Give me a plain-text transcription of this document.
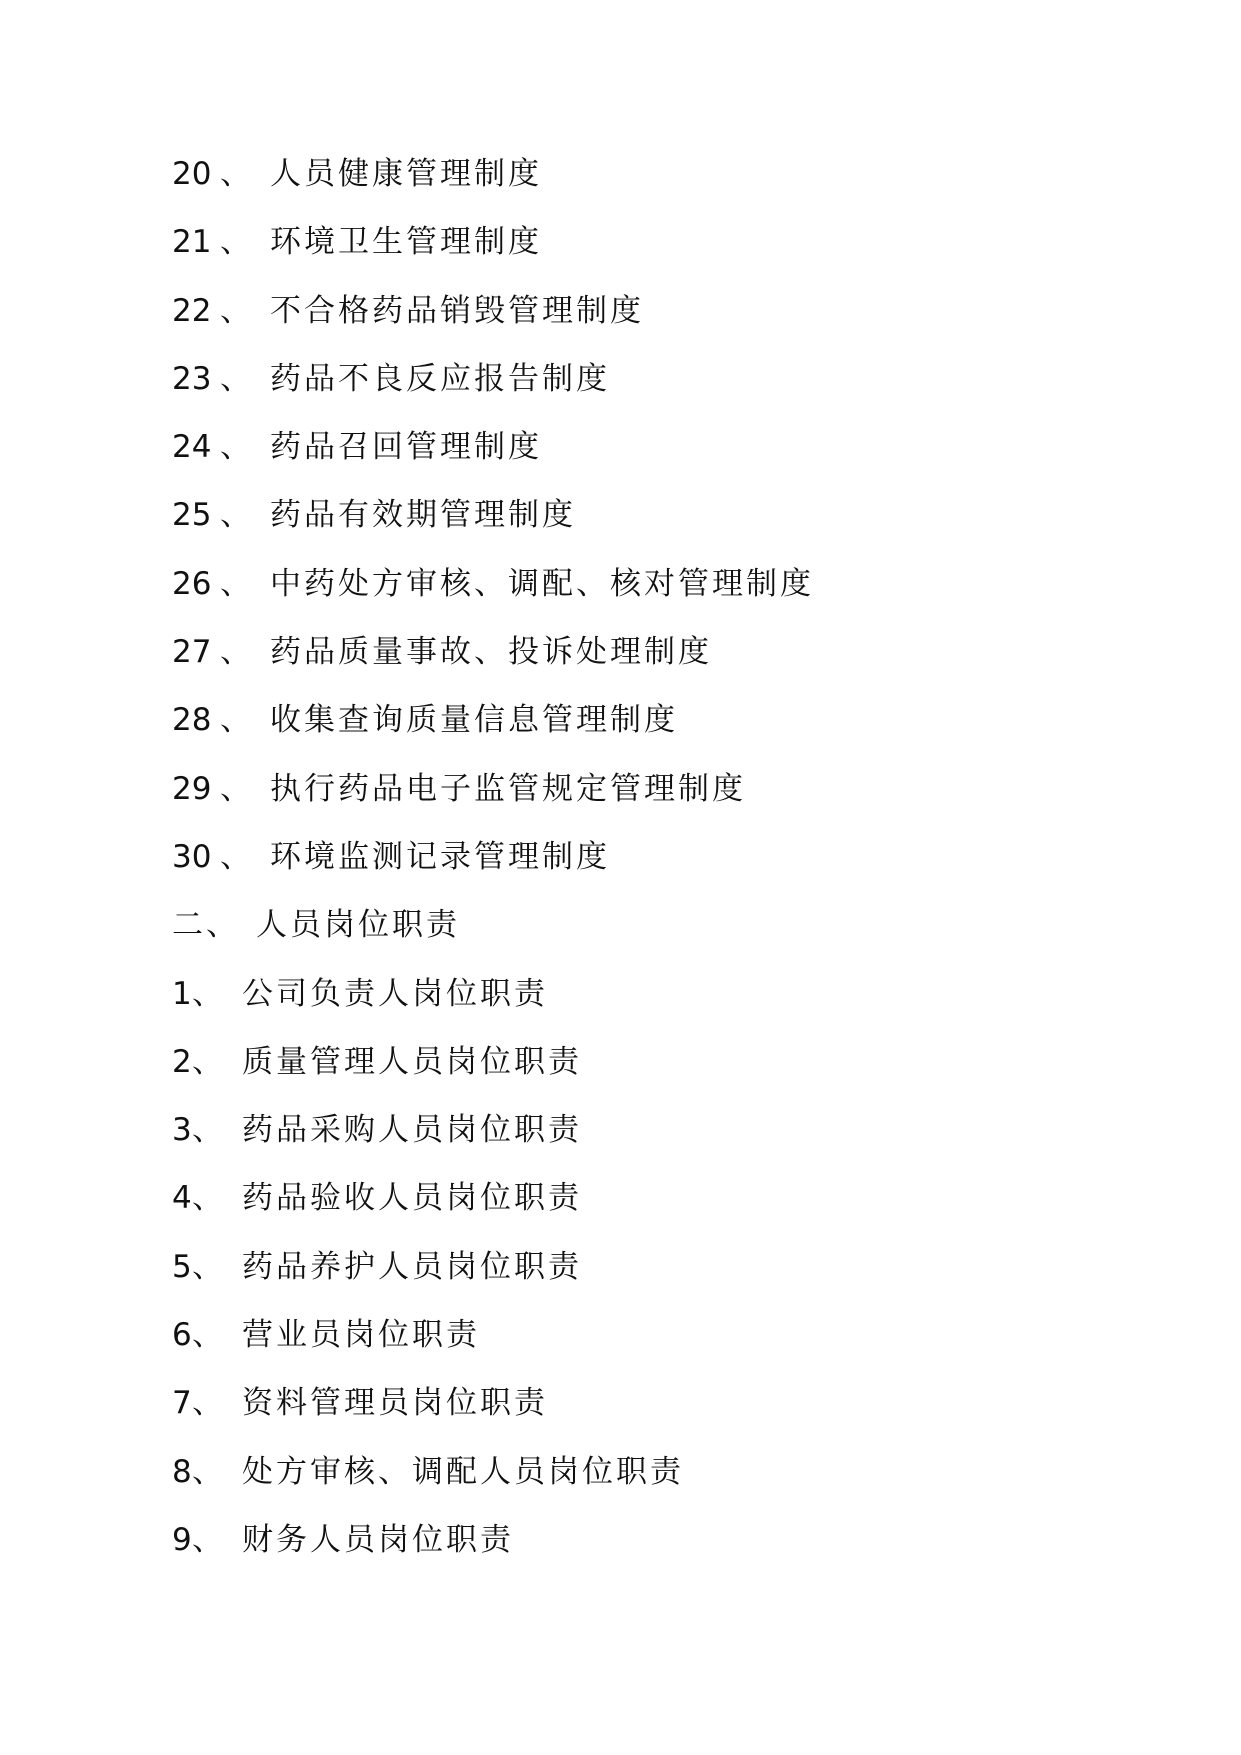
20 、 人员健康管理制度
21 、 环境卫生管理制度
22 、 不合格药品销毁管理制度
23 、 药品不良反应报告制度
24 、 药品召回管理制度
25 、 药品有效期管理制度
26 、 中药处方审核、调配、核对管理制度
27 、 药品质量事故、投诉处理制度
28 、 收集查询质量信息管理制度
29 、 执行药品电子监管规定管理制度
30 、 环境监测记录管理制度
二 、 人员岗位职责
1 、 公司负责人岗位职责
2 、 质量管理人员岗位职责
3 、 药品采购人员岗位职责
4 、 药品验收人员岗位职责
5 、 药品养护人员岗位职责
6 、 营业员岗位职责
7 、 资料管理员岗位职责
8 、 处方审核、调配人员岗位职责
9 、 财务人员岗位职责
